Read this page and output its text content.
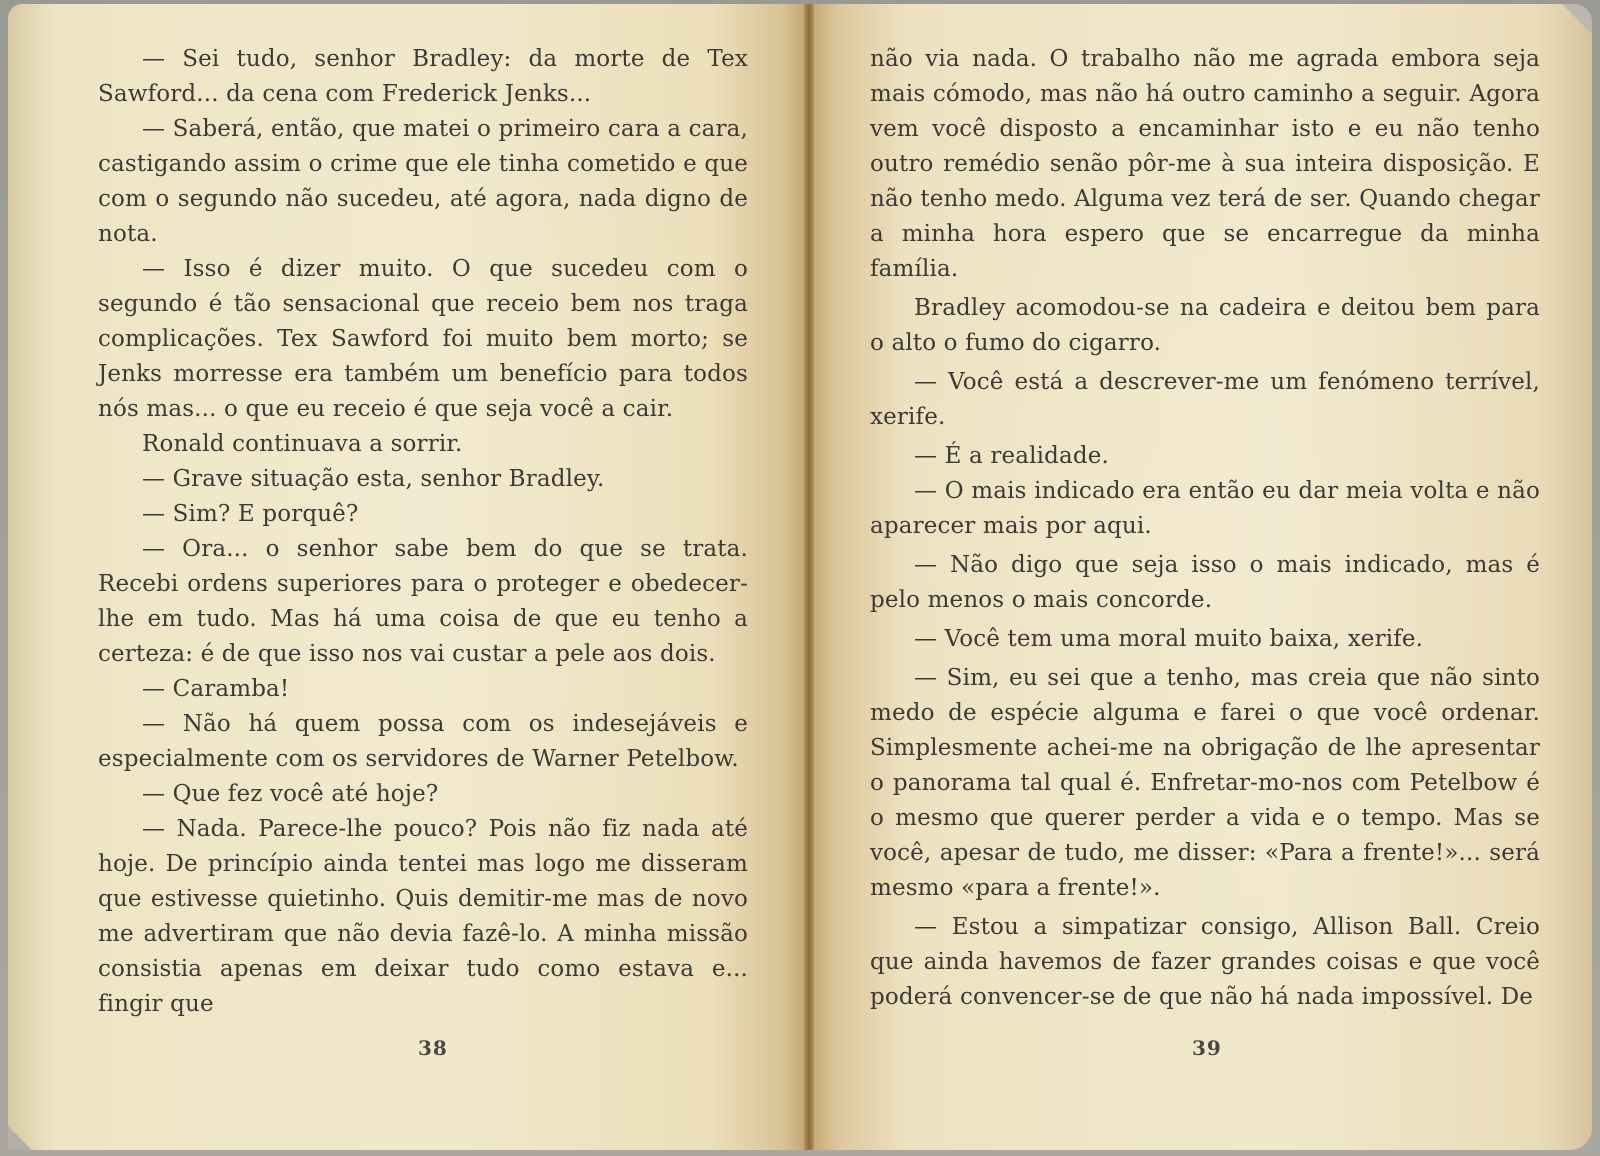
— Sei tudo, senhor Bradley: da morte de Tex Sawford... da cena com Frederick Jenks...

— Saberá, então, que matei o primeiro cara a cara, castigando assim o crime que ele tinha cometido e que com o segundo não sucedeu, até agora, nada digno de nota.

— Isso é dizer muito. O que sucedeu com o segundo é tão sensacional que receio bem nos traga complicações. Tex Sawford foi muito bem morto; se Jenks morresse era também um benefício para todos nós mas... o que eu receio é que seja você a cair.

Ronald continuava a sorrir.

— Grave situação esta, senhor Bradley.

— Sim? E porquê?

— Ora... o senhor sabe bem do que se trata. Recebi ordens superiores para o proteger e obedecer-lhe em tudo. Mas há uma coisa de que eu tenho a certeza: é de que isso nos vai custar a pele aos dois.

— Caramba!

— Não há quem possa com os indesejáveis e especialmente com os servidores de Warner Petelbow.

— Que fez você até hoje?

— Nada. Parece-lhe pouco? Pois não fiz nada até hoje. De princípio ainda tentei mas logo me disseram que estivesse quietinho. Quis demitir-me mas de novo me advertiram que não devia fazê-lo. A minha missão consistia apenas em deixar tudo como estava e... fingir que

38

não via nada. O trabalho não me agrada embora seja mais cómodo, mas não há outro caminho a seguir. Agora vem você disposto a encaminhar isto e eu não tenho outro remédio senão pôr-me à sua inteira disposição. E não tenho medo. Alguma vez terá de ser. Quando chegar a minha hora espero que se encarregue da minha família.

Bradley acomodou-se na cadeira e deitou bem para o alto o fumo do cigarro.

— Você está a descrever-me um fenómeno terrível, xerife.

— É a realidade.

— O mais indicado era então eu dar meia volta e não aparecer mais por aqui.

— Não digo que seja isso o mais indicado, mas é pelo menos o mais concorde.

— Você tem uma moral muito baixa, xerife.

— Sim, eu sei que a tenho, mas creia que não sinto medo de espécie alguma e farei o que você ordenar. Simplesmente achei-me na obrigação de lhe apresentar o panorama tal qual é. Enfretar-mo-nos com Petelbow é o mesmo que querer perder a vida e o tempo. Mas se você, apesar de tudo, me disser: «Para a frente!»... será mesmo «para a frente!».

— Estou a simpatizar consigo, Allison Ball. Creio que ainda havemos de fazer grandes coisas e que você poderá convencer-se de que não há nada impossível. De

39
